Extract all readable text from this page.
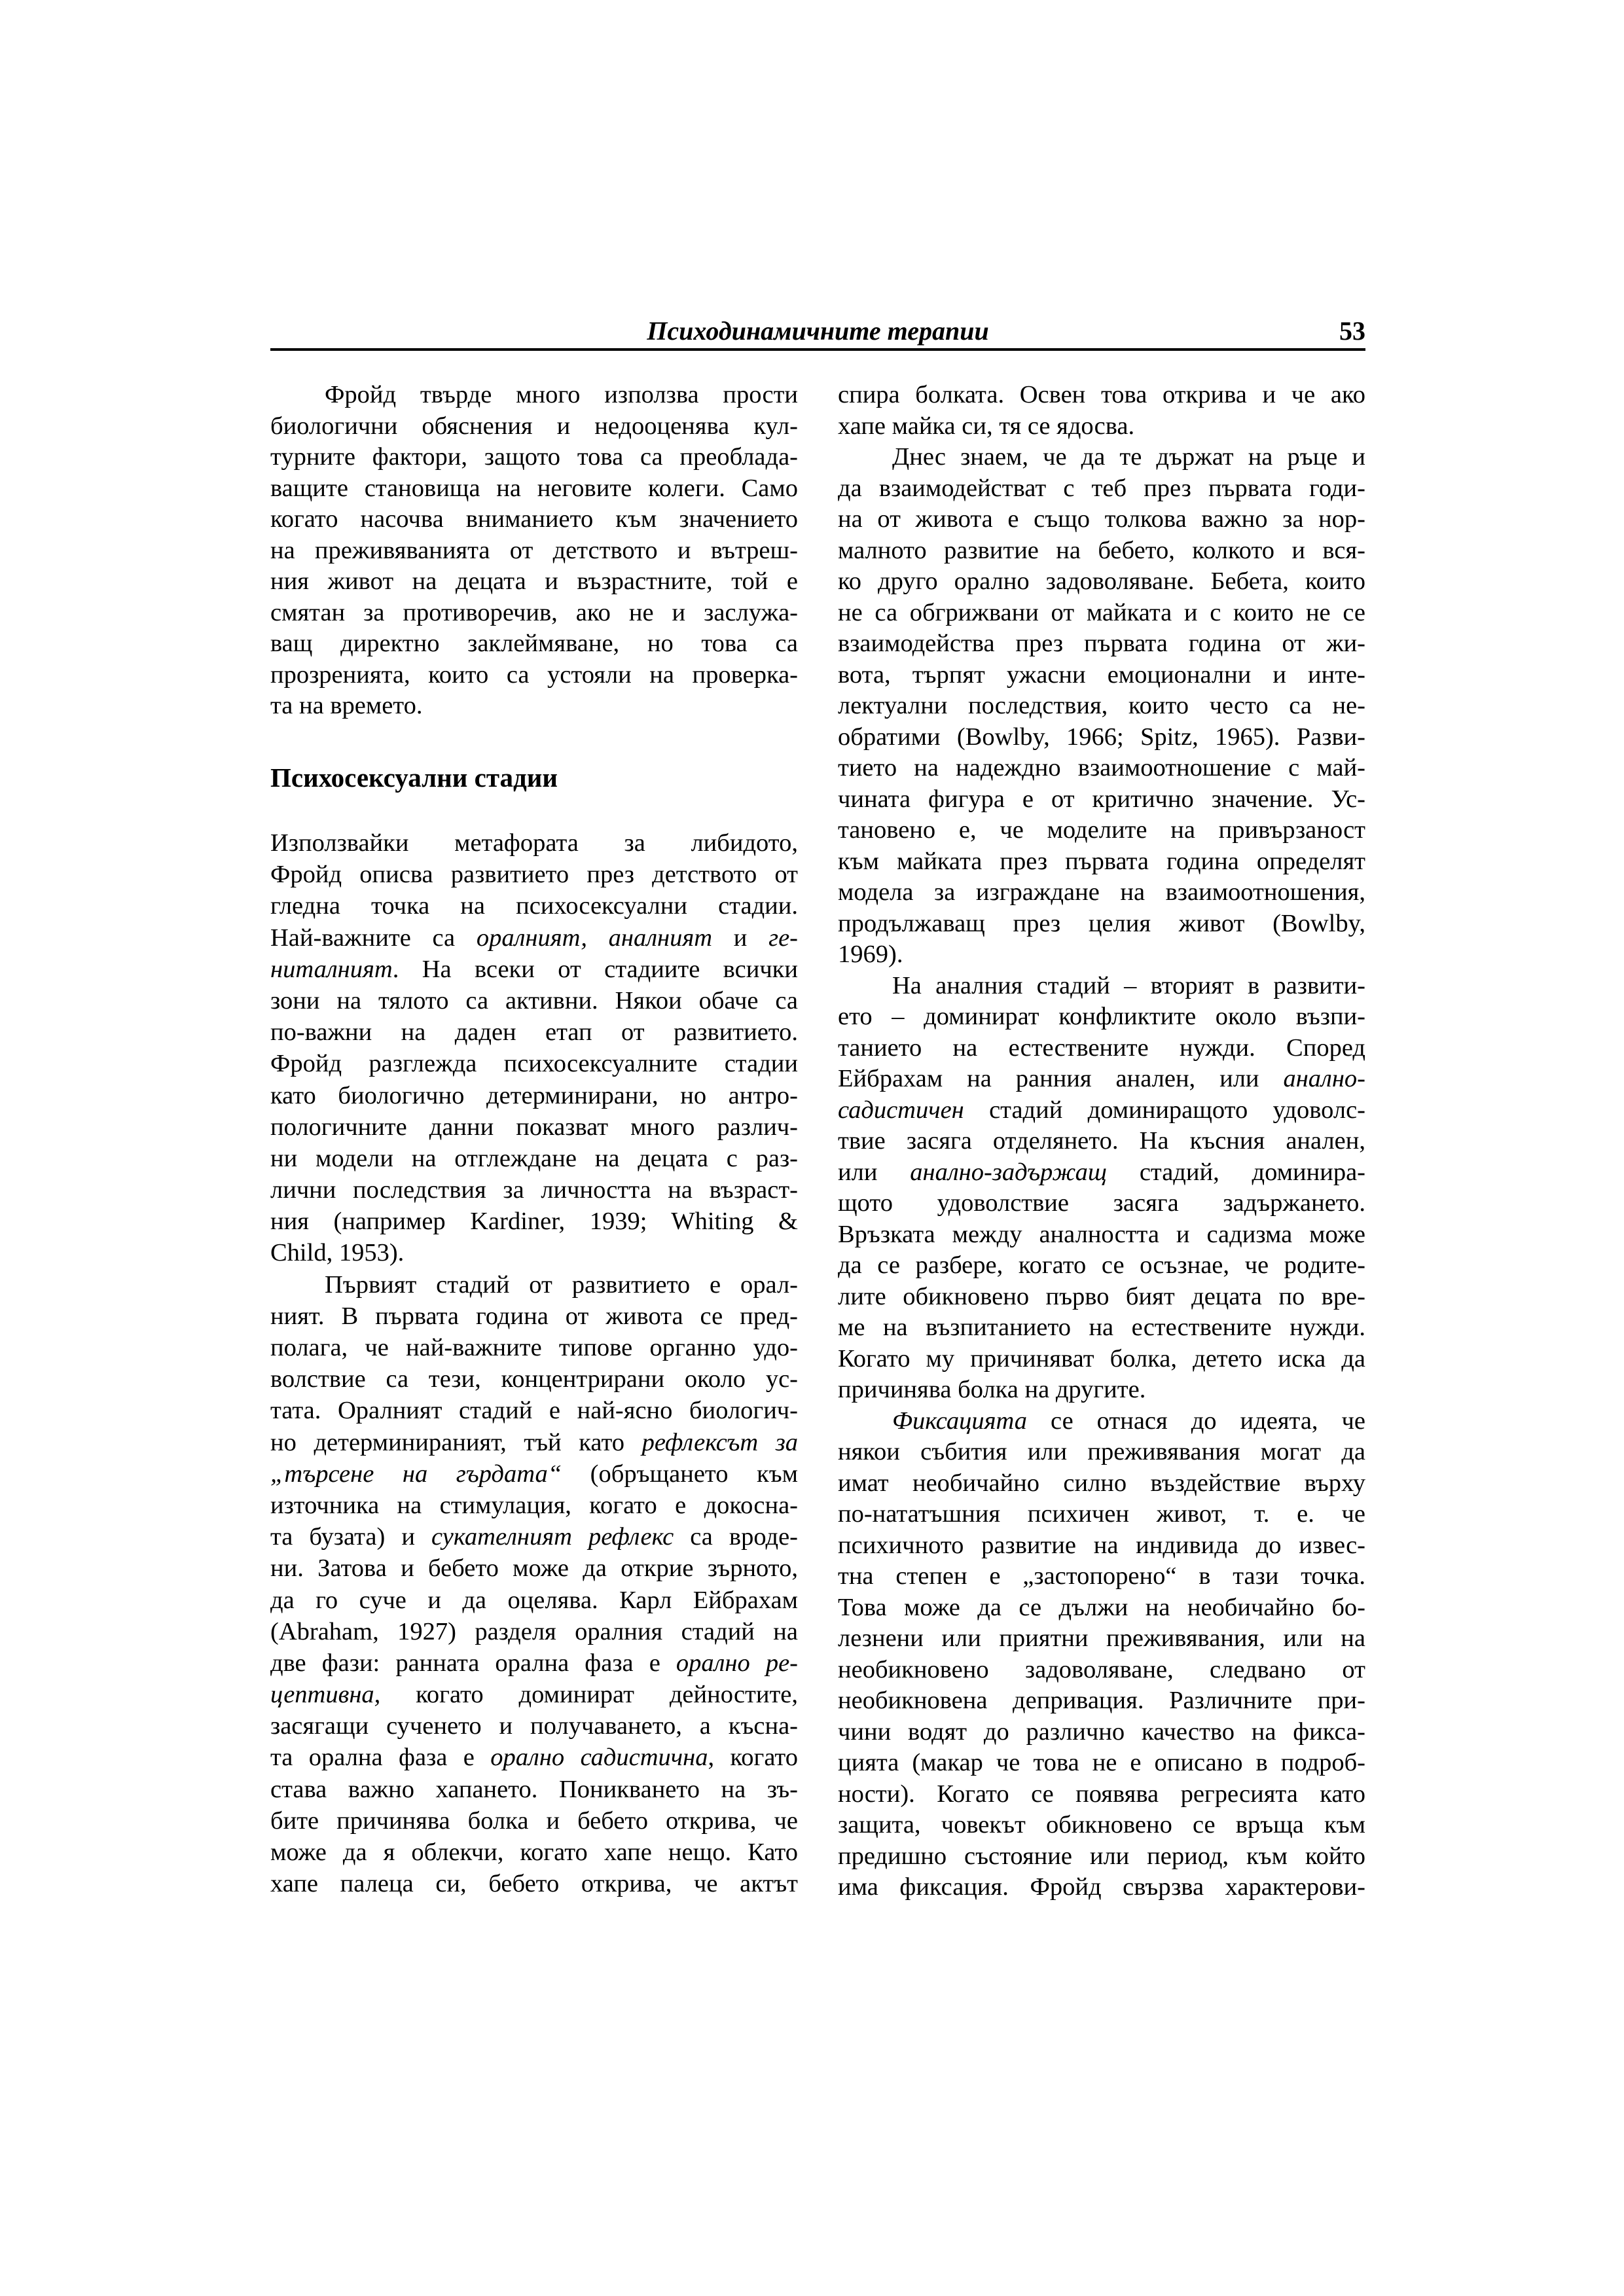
Психодинамичните терапии	53
Фройд твърде много използва прости
биологични обяснения и недооценява кул-
турните фактори, защото това са преоблада-
ващите становища на неговите колеги. Само
когато насочва вниманието към значението
на преживяванията от детството и вътреш-
ния живот на децата и възрастните, той е
смятан за противоречив, ако не и заслужа-
ващ директно заклеймяване, но това са
прозренията, които са устояли на проверка-
та на времето.
Психосексуални стадии
Използвайки метафората за либидото,
Фройд описва развитието през детството от
гледна точка на психосексуални стадии.
Най-важните са оралният, аналният и ге-
ниталният. На всеки от стадиите всички
зони на тялото са активни. Някои обаче са
по-важни на даден етап от развитието.
Фройд разглежда психосексуалните стадии
като биологично детерминирани, но антро-
пологичните данни показват много различ-
ни модели на отглеждане на децата с раз-
лични последствия за личността на възраст-
ния (например Kardiner, 1939; Whiting &
Child, 1953).
Първият стадий от развитието е орал-
ният. В първата година от живота се пред-
полага, че най-важните типове органно удо-
волствие са тези, концентрирани около ус-
тата. Оралният стадий е най-ясно биологич-
но детерминираният, тъй като рефлексът за
„търсене на гърдата“ (обръщането към
източника на стимулация, когато е докосна-
та бузата) и сукателният рефлекс са вроде-
ни. Затова и бебето може да открие зърното,
да го суче и да оцелява. Карл Ейбрахам
(Abraham, 1927) разделя оралния стадий на
две фази: ранната орална фаза е орално ре-
цептивна, когато доминират дейностите,
засягащи сученето и получаването, а късна-
та орална фаза е орално садистична, когато
става важно хапането. Поникването на зъ-
бите причинява болка и бебето открива, че
може да я облекчи, когато хапе нещо. Като
хапе палеца си, бебето открива, че актът
спира болката. Освен това открива и че ако
хапе майка си, тя се ядосва.
Днес знаем, че да те държат на ръце и
да взаимодействат с теб през първата годи-
на от живота е също толкова важно за нор-
малното развитие на бебето, колкото и вся-
ко друго орално задоволяване. Бебета, които
не са обгрижвани от майката и с които не се
взаимодейства през първата година от жи-
вота, търпят ужасни емоционални и инте-
лектуални последствия, които често са не-
обратими (Bowlby, 1966; Spitz, 1965). Разви-
тието на надеждно взаимоотношение с май-
чината фигура е от критично значение. Ус-
тановено е, че моделите на привързаност
към майката през първата година определят
модела за изграждане на взаимоотношения,
продължаващ през целия живот (Bowlby,
1969).
На аналния стадий – вторият в развити-
ето – доминират конфликтите около възпи-
танието на естествените нужди. Според
Ейбрахам на ранния анален, или анално-
садистичен стадий доминиращото удоволс-
твие засяга отделянето. На късния анален,
или анално-задържащ стадий, доминира-
щото удоволствие засяга задържането.
Връзката между аналността и садизма може
да се разбере, когато се осъзнае, че родите-
лите обикновено първо бият децата по вре-
ме на възпитанието на естествените нужди.
Когато му причиняват болка, детето иска да
причинява болка на другите.
Фиксацията се отнася до идеята, че
някои събития или преживявания могат да
имат необичайно силно въздействие върху
по-нататъшния психичен живот, т. е. че
психичното развитие на индивида до извес-
тна степен е „застопорено“ в тази точка.
Това може да се дължи на необичайно бо-
лезнени или приятни преживявания, или на
необикновено задоволяване, следвано от
необикновена депривация. Различните при-
чини водят до различно качество на фикса-
цията (макар че това не е описано в подроб-
ности). Когато се появява регресията като
защита, човекът обикновено се връща към
предишно състояние или период, към който
има фиксация. Фройд свързва характерови-
